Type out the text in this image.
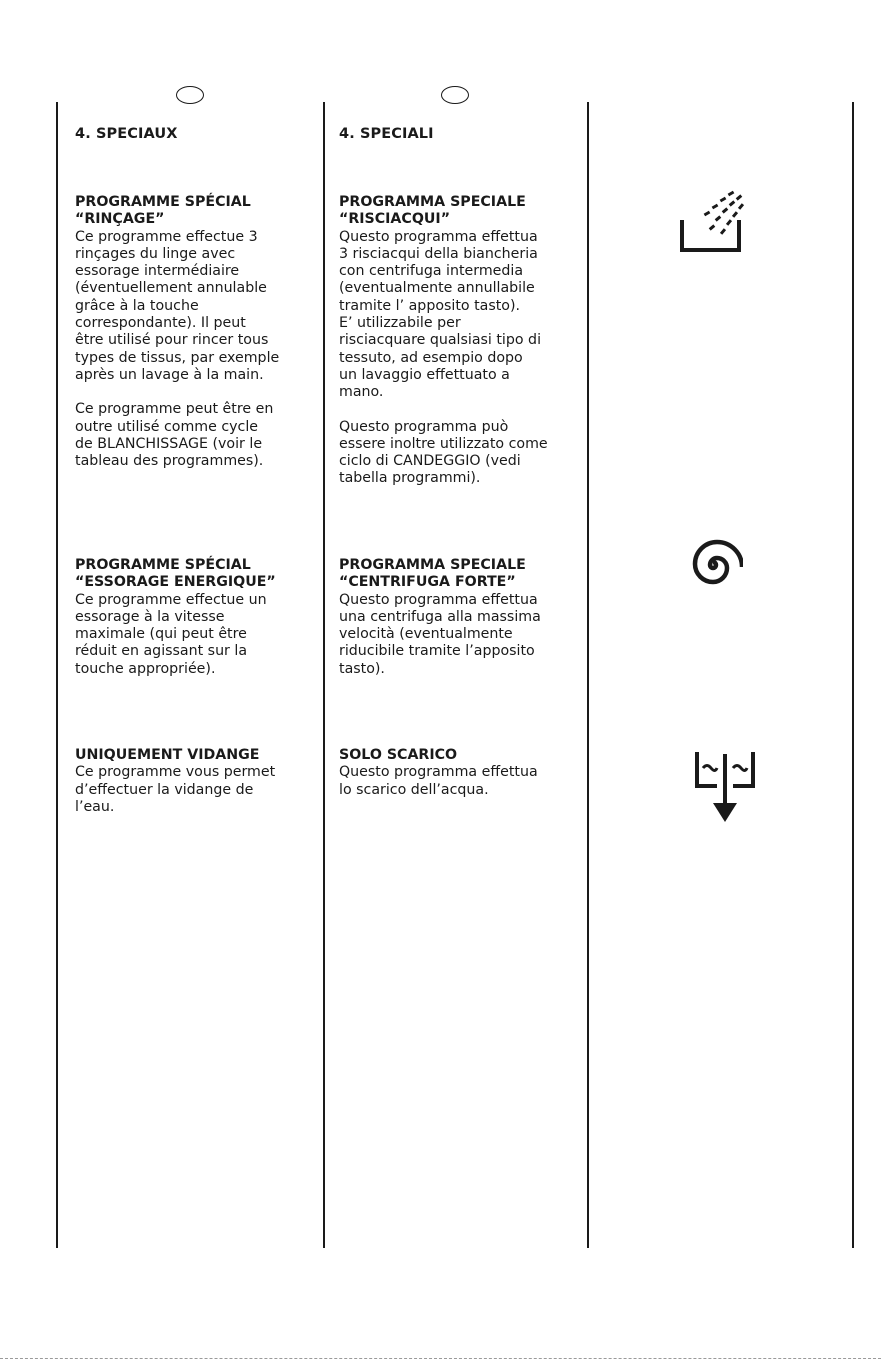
4. SPECIAUX
PROGRAMME SPÉCIAL
“RINÇAGE”
Ce programme effectue 3
rinçages du linge avec
essorage intermédiaire
(éventuellement annulable
grâce à la touche
correspondante). Il peut
être utilisé pour rincer tous
types de tissus, par exemple
après un lavage à la main.
Ce programme peut être en
outre utilisé comme cycle
de BLANCHISSAGE (voir le
tableau des programmes).
PROGRAMME SPÉCIAL
“ESSORAGE ENERGIQUE”
Ce programme effectue un
essorage à la vitesse
maximale (qui peut être
réduit en agissant sur la
touche appropriée).
UNIQUEMENT VIDANGE
Ce programme vous permet
d’effectuer la vidange de
l’eau.
4. SPECIALI
PROGRAMMA SPECIALE
“RISCIACQUI”
Questo programma effettua
3 risciacqui della biancheria
con centrifuga intermedia
(eventualmente annullabile
tramite l’ apposito tasto).
E’ utilizzabile per
risciacquare qualsiasi tipo di
tessuto, ad esempio dopo
un lavaggio effettuato a
mano.
Questo programma può
essere inoltre utilizzato come
ciclo di CANDEGGIO (vedi
tabella programmi).
PROGRAMMA SPECIALE
“CENTRIFUGA FORTE”
Questo programma effettua
una centrifuga alla massima
velocità (eventualmente
riducibile tramite l’apposito
tasto).
SOLO SCARICO
Questo programma effettua
lo scarico dell’acqua.
